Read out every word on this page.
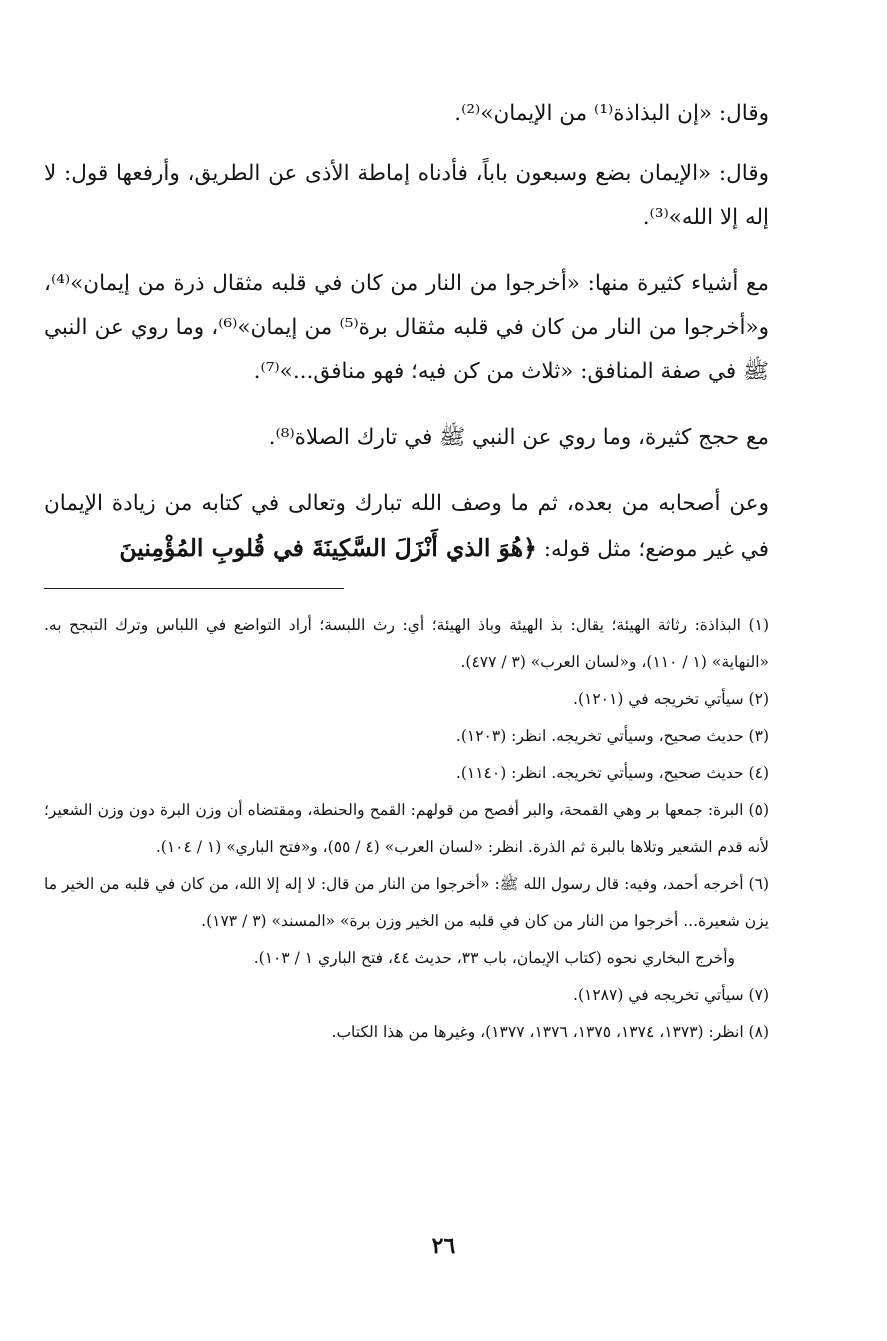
وقال: «إن البذاذة⁽¹⁾ من الإيمان»⁽²⁾.

وقال: «الإيمان بضع وسبعون باباً، فأدناه إماطة الأذى عن الطريق، وأرفعها قول: لا إله إلا الله»⁽³⁾.

مع أشياء كثيرة منها: «أخرجوا من النار من كان في قلبه مثقال ذرة من إيمان»⁽⁴⁾، و«أخرجوا من النار من كان في قلبه مثقال برة⁽⁵⁾ من إيمان»⁽⁶⁾، وما روي عن النبي ﷺ في صفة المنافق: «ثلاث من كن فيه؛ فهو منافق...»⁽⁷⁾.

مع حجج كثيرة، وما روي عن النبي ﷺ في تارك الصلاة⁽⁸⁾.

وعن أصحابه من بعده، ثم ما وصف الله تبارك وتعالى في كتابه من زيادة الإيمان في غير موضع؛ مثل قوله: ﴿هُوَ الذي أَنْزَلَ السَّكِينَةَ في قُلوبِ المُؤْمِنينَ

(١) البذاذة: رثاثة الهيئة؛ يقال: بذ الهيئة وباذ الهيئة؛ أي: رث اللبسة؛ أراد التواضع في اللباس وترك التبجح به. «النهاية» (١ / ١١٠)، و«لسان العرب» (٣ / ٤٧٧).

(٢) سيأتي تخريجه في (١٢٠١).

(٣) حديث صحيح، وسيأتي تخريجه. انظر: (١٢٠٣).

(٤) حديث صحيح، وسيأتي تخريجه. انظر: (١١٤٠).

(٥) البرة: جمعها بر وهي القمحة، والبر أفصح من قولهم: القمح والحنطة، ومقتضاه أن وزن البرة دون وزن الشعير؛ لأنه قدم الشعير وتلاها بالبرة ثم الذرة. انظر: «لسان العرب» (٤ / ٥٥)، و«فتح الباري» (١ / ١٠٤).

(٦) أخرجه أحمد، وفيه: قال رسول الله ﷺ: «أخرجوا من النار من قال: لا إله إلا الله، من كان في قلبه من الخير ما يزن شعيرة... أخرجوا من النار من كان في قلبه من الخير وزن برة» «المسند» (٣ / ١٧٣).

وأخرج البخاري نحوه (كتاب الإيمان، باب ٣٣، حديث ٤٤، فتح الباري ١ / ١٠٣).

(٧) سيأتي تخريجه في (١٢٨٧).

(٨) انظر: (١٣٧٣، ١٣٧٤، ١٣٧٥، ١٣٧٦، ١٣٧٧)، وغيرها من هذا الكتاب.

٢٦
